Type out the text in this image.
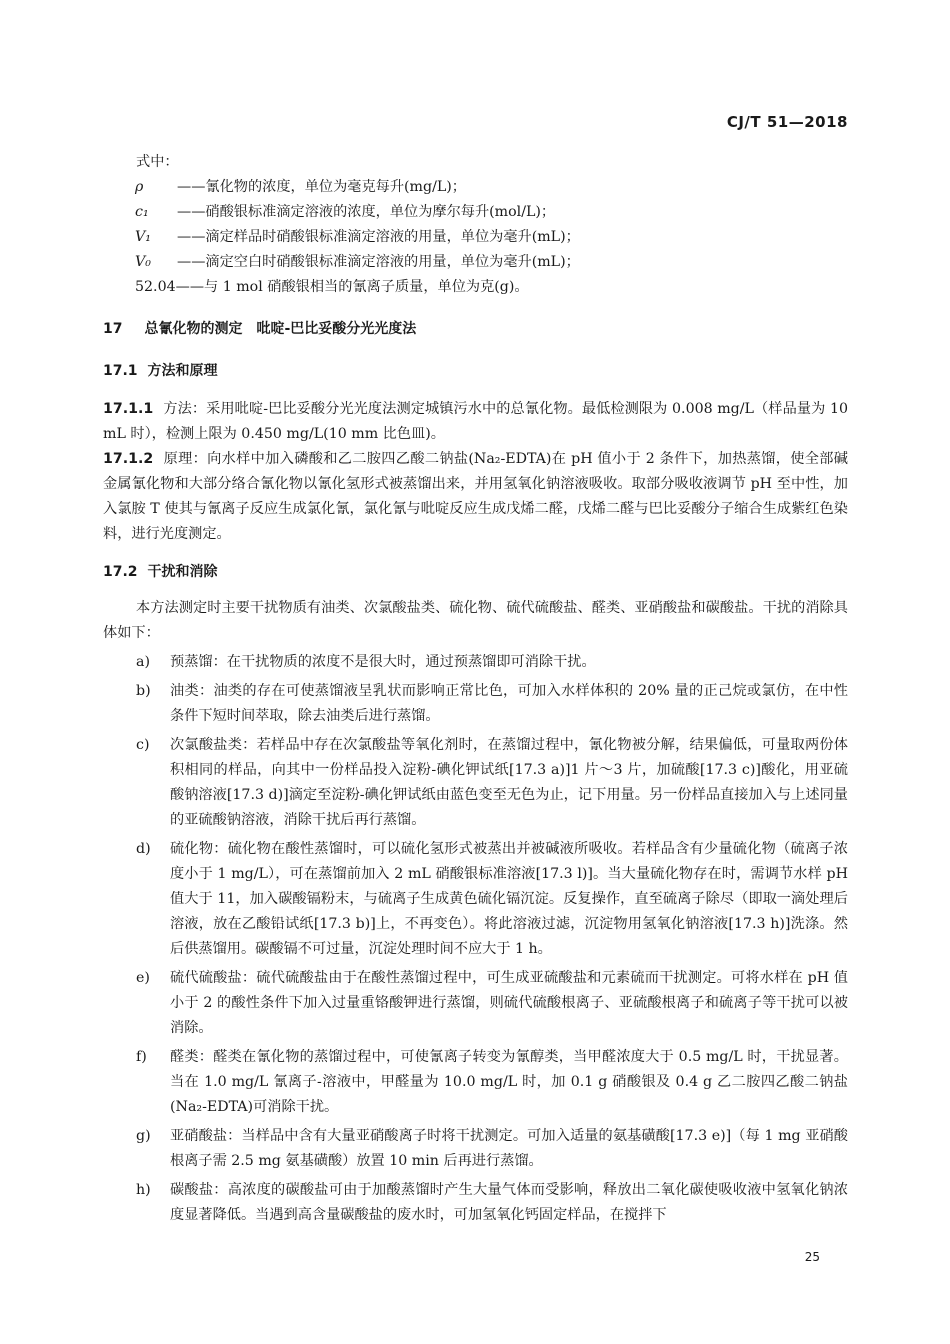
CJ/T 51—2018
式中：
ρ	——氰化物的浓度，单位为毫克每升(mg/L)；
c₁	——硝酸银标准滴定溶液的浓度，单位为摩尔每升(mol/L)；
V₁	——滴定样品时硝酸银标准滴定溶液的用量，单位为毫升(mL)；
V₀	——滴定空白时硝酸银标准滴定溶液的用量，单位为毫升(mL)；
52.04 ——与 1 mol 硝酸银相当的氰离子质量，单位为克(g)。
17 总氰化物的测定　吡啶-巴比妥酸分光光度法
17.1 方法和原理
17.1.1 方法：采用吡啶-巴比妥酸分光光度法测定城镇污水中的总氰化物。最低检测限为 0.008 mg/L（样品量为 10 mL 时），检测上限为 0.450 mg/L(10 mm 比色皿)。
17.1.2 原理：向水样中加入磷酸和乙二胺四乙酸二钠盐(Na₂-EDTA)在 pH 值小于 2 条件下，加热蒸馏，使全部碱金属氰化物和大部分络合氰化物以氰化氢形式被蒸馏出来，并用氢氧化钠溶液吸收。取部分吸收液调节 pH 至中性，加入氯胺 T 使其与氰离子反应生成氯化氰，氯化氰与吡啶反应生成戊烯二醛，戊烯二醛与巴比妥酸分子缩合生成紫红色染料，进行光度测定。
17.2 干扰和消除
本方法测定时主要干扰物质有油类、次氯酸盐类、硫化物、硫代硫酸盐、醛类、亚硝酸盐和碳酸盐。干扰的消除具体如下：
a)	预蒸馏：在干扰物质的浓度不是很大时，通过预蒸馏即可消除干扰。
b)	油类：油类的存在可使蒸馏液呈乳状而影响正常比色，可加入水样体积的 20% 量的正己烷或氯仿，在中性条件下短时间萃取，除去油类后进行蒸馏。
c)	次氯酸盐类：若样品中存在次氯酸盐等氧化剂时，在蒸馏过程中，氰化物被分解，结果偏低，可量取两份体积相同的样品，向其中一份样品投入淀粉-碘化钾试纸[17.3 a)]1 片～3 片，加硫酸[17.3 c)]酸化，用亚硫酸钠溶液[17.3 d)]滴定至淀粉-碘化钾试纸由蓝色变至无色为止，记下用量。另一份样品直接加入与上述同量的亚硫酸钠溶液，消除干扰后再行蒸馏。
d)	硫化物：硫化物在酸性蒸馏时，可以硫化氢形式被蒸出并被碱液所吸收。若样品含有少量硫化物（硫离子浓度小于 1 mg/L），可在蒸馏前加入 2 mL 硝酸银标准溶液[17.3 l)]。当大量硫化物存在时，需调节水样 pH 值大于 11，加入碳酸镉粉末，与硫离子生成黄色硫化镉沉淀。反复操作，直至硫离子除尽（即取一滴处理后溶液，放在乙酸铅试纸[17.3 b)]上，不再变色）。将此溶液过滤，沉淀物用氢氧化钠溶液[17.3 h)]洗涤。然后供蒸馏用。碳酸镉不可过量，沉淀处理时间不应大于 1 h。
e)	硫代硫酸盐：硫代硫酸盐由于在酸性蒸馏过程中，可生成亚硫酸盐和元素硫而干扰测定。可将水样在 pH 值小于 2 的酸性条件下加入过量重铬酸钾进行蒸馏，则硫代硫酸根离子、亚硫酸根离子和硫离子等干扰可以被消除。
f)	醛类：醛类在氰化物的蒸馏过程中，可使氰离子转变为氰醇类，当甲醛浓度大于 0.5 mg/L 时，干扰显著。当在 1.0 mg/L 氰离子-溶液中，甲醛量为 10.0 mg/L 时，加 0.1 g 硝酸银及 0.4 g 乙二胺四乙酸二钠盐(Na₂-EDTA)可消除干扰。
g)	亚硝酸盐：当样品中含有大量亚硝酸离子时将干扰测定。可加入适量的氨基磺酸[17.3 e)]（每 1 mg 亚硝酸根离子需 2.5 mg 氨基磺酸）放置 10 min 后再进行蒸馏。
h)	碳酸盐：高浓度的碳酸盐可由于加酸蒸馏时产生大量气体而受影响，释放出二氧化碳使吸收液中氢氧化钠浓度显著降低。当遇到高含量碳酸盐的废水时，可加氢氧化钙固定样品，在搅拌下
25
